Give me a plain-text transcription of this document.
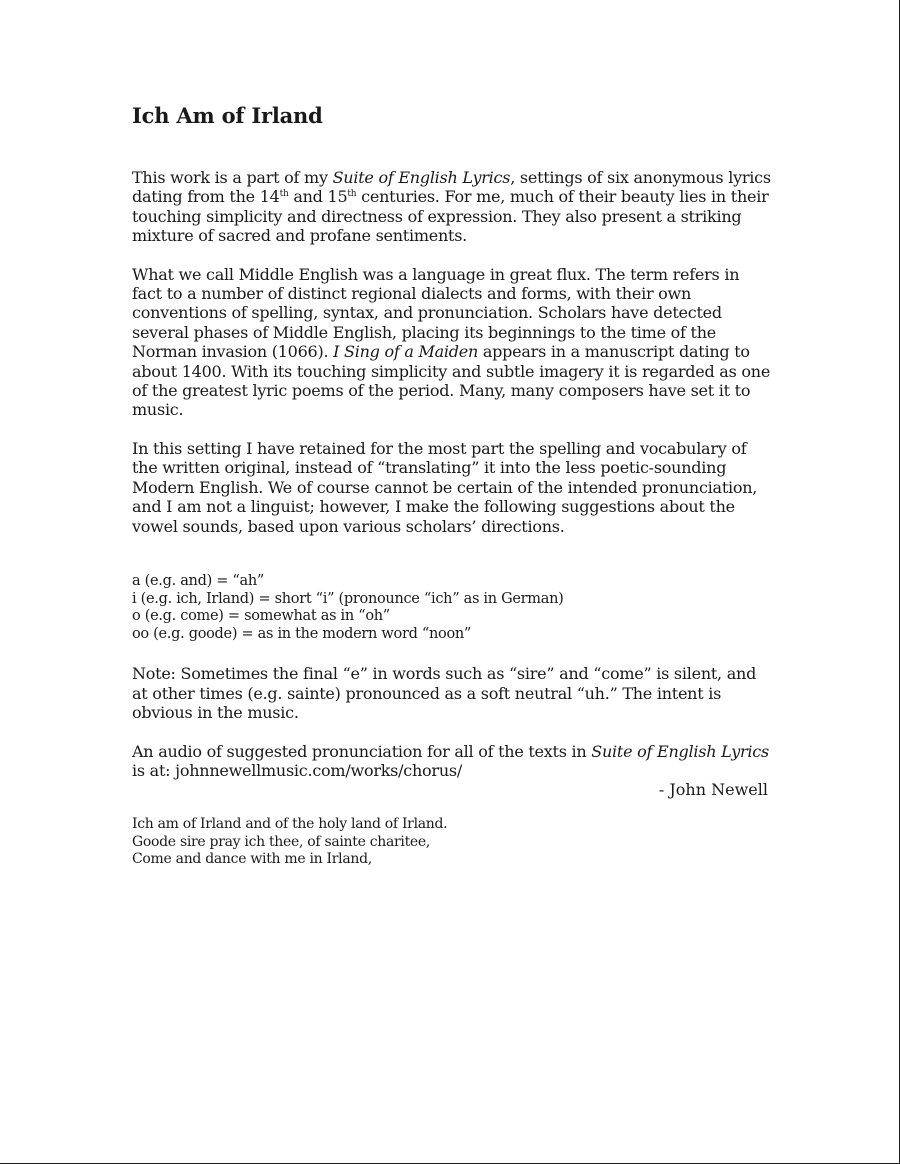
Ich Am of Irland

This work is a part of my Suite of English Lyrics, settings of six anonymous lyrics dating from the 14th and 15th centuries. For me, much of their beauty lies in their touching simplicity and directness of expression. They also present a striking mixture of sacred and profane sentiments.

What we call Middle English was a language in great flux. The term refers in fact to a number of distinct regional dialects and forms, with their own conventions of spelling, syntax, and pronunciation. Scholars have detected several phases of Middle English, placing its beginnings to the time of the Norman invasion (1066). I Sing of a Maiden appears in a manuscript dating to about 1400. With its touching simplicity and subtle imagery it is regarded as one of the greatest lyric poems of the period. Many, many composers have set it to music.

In this setting I have retained for the most part the spelling and vocabulary of the written original, instead of “translating” it into the less poetic-sounding Modern English. We of course cannot be certain of the intended pronunciation, and I am not a linguist; however, I make the following suggestions about the vowel sounds, based upon various scholars’ directions.

a (e.g. and) = “ah”
i (e.g. ich, Irland) = short “i” (pronounce “ich” as in German)
o (e.g. come) = somewhat as in “oh”
oo (e.g. goode) = as in the modern word “noon”

Note: Sometimes the final “e” in words such as “sire” and “come” is silent, and at other times (e.g. sainte) pronounced as a soft neutral “uh.” The intent is obvious in the music.

An audio of suggested pronunciation for all of the texts in Suite of English Lyrics is at: johnnewellmusic.com/works/chorus/

- John Newell
Ich am of Irland and of the holy land of Irland.
Goode sire pray ich thee, of sainte charitee,
Come and dance with me in Irland,
